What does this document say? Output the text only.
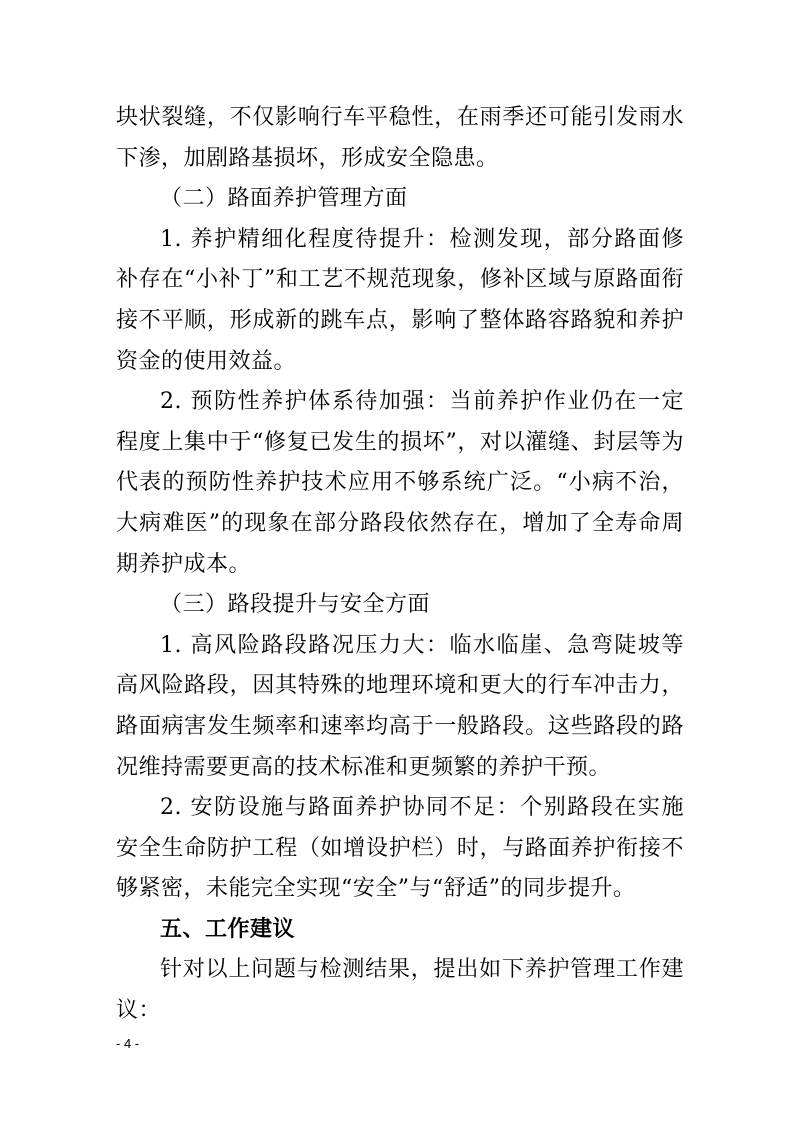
块状裂缝，不仅影响行车平稳性，在雨季还可能引发雨水下渗，加剧路基损坏，形成安全隐患。

（二）路面养护管理方面

1. 养护精细化程度待提升：检测发现，部分路面修补存在“小补丁”和工艺不规范现象，修补区域与原路面衔接不平顺，形成新的跳车点，影响了整体路容路貌和养护资金的使用效益。

2. 预防性养护体系待加强：当前养护作业仍在一定程度上集中于“修复已发生的损坏”，对以灌缝、封层等为代表的预防性养护技术应用不够系统广泛。“小病不治，大病难医”的现象在部分路段依然存在，增加了全寿命周期养护成本。

（三）路段提升与安全方面

1. 高风险路段路况压力大：临水临崖、急弯陡坡等高风险路段，因其特殊的地理环境和更大的行车冲击力，路面病害发生频率和速率均高于一般路段。这些路段的路况维持需要更高的技术标准和更频繁的养护干预。

2. 安防设施与路面养护协同不足：个别路段在实施安全生命防护工程（如增设护栏）时，与路面养护衔接不够紧密，未能完全实现“安全”与“舒适”的同步提升。

五、工作建议

针对以上问题与检测结果，提出如下养护管理工作建议：

- 4 -
